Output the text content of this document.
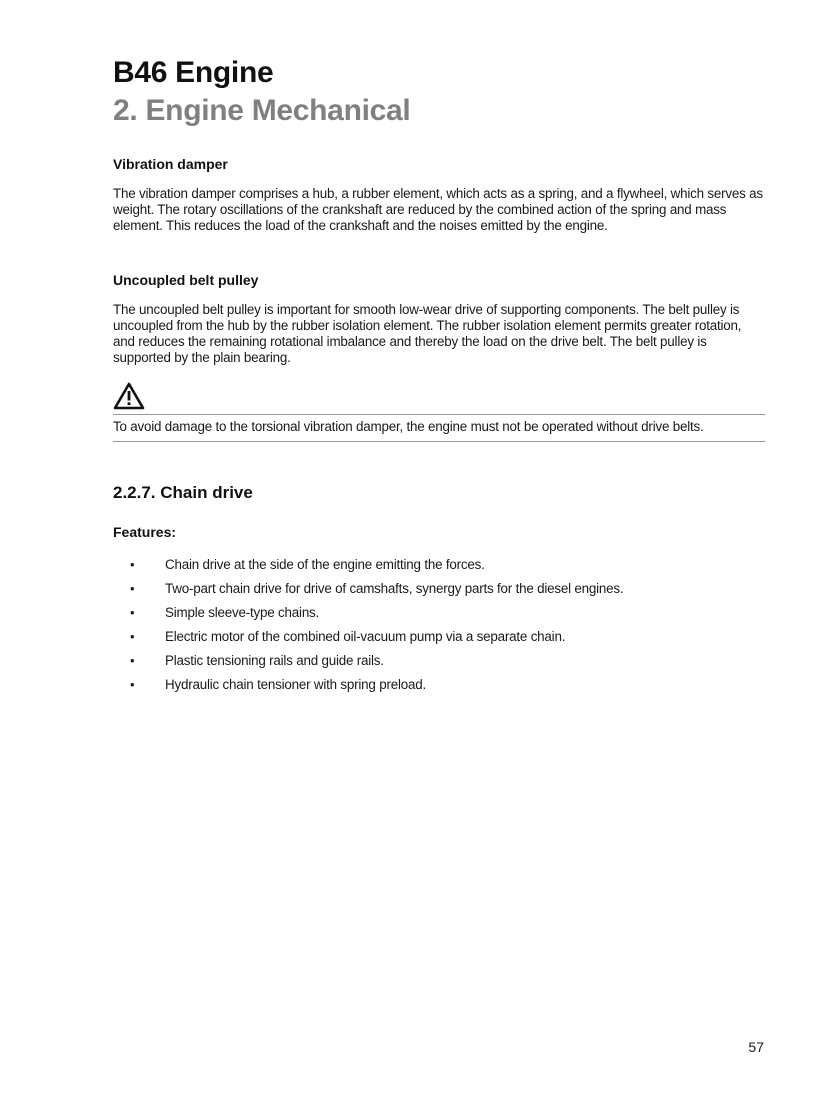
B46 Engine
2. Engine Mechanical
Vibration damper

The vibration damper comprises a hub, a rubber element, which acts as a spring, and a flywheel, which serves as weight. The rotary oscillations of the crankshaft are reduced by the combined action of the spring and mass element. This reduces the load of the crankshaft and the noises emitted by the engine.

Uncoupled belt pulley

The uncoupled belt pulley is important for smooth low-wear drive of supporting components. The belt pulley is uncoupled from the hub by the rubber isolation element. The rubber isolation element permits greater rotation, and reduces the remaining rotational imbalance and thereby the load on the drive belt. The belt pulley is supported by the plain bearing.

To avoid damage to the torsional vibration damper, the engine must not be operated without drive belts.

2.2.7. Chain drive

Features:

• Chain drive at the side of the engine emitting the forces.
• Two-part chain drive for drive of camshafts, synergy parts for the diesel engines.
• Simple sleeve-type chains.
• Electric motor of the combined oil-vacuum pump via a separate chain.
• Plastic tensioning rails and guide rails.
• Hydraulic chain tensioner with spring preload.
57
